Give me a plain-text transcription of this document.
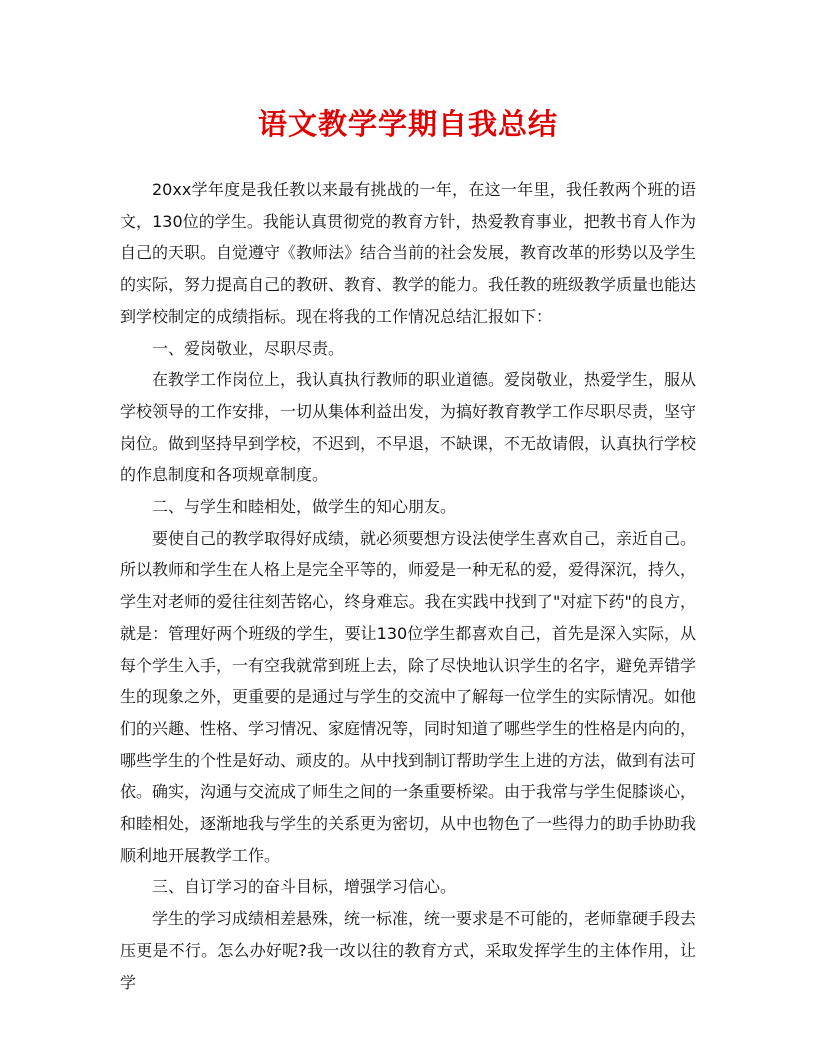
语文教学学期自我总结

20xx学年度是我任教以来最有挑战的一年，在这一年里，我任教两个班的语文，130位的学生。我能认真贯彻党的教育方针，热爱教育事业，把教书育人作为自己的天职。自觉遵守《教师法》结合当前的社会发展，教育改革的形势以及学生的实际，努力提高自己的教研、教育、教学的能力。我任教的班级教学质量也能达到学校制定的成绩指标。现在将我的工作情况总结汇报如下：

一、爱岗敬业，尽职尽责。

在教学工作岗位上，我认真执行教师的职业道德。爱岗敬业，热爱学生，服从学校领导的工作安排，一切从集体利益出发，为搞好教育教学工作尽职尽责，坚守岗位。做到坚持早到学校，不迟到，不早退，不缺课，不无故请假，认真执行学校的作息制度和各项规章制度。

二、与学生和睦相处，做学生的知心朋友。

要使自己的教学取得好成绩，就必须要想方设法使学生喜欢自己，亲近自己。所以教师和学生在人格上是完全平等的，师爱是一种无私的爱，爱得深沉，持久，学生对老师的爱往往刻苦铭心，终身难忘。我在实践中找到了"对症下药"的良方，就是：管理好两个班级的学生，要让130位学生都喜欢自己，首先是深入实际，从每个学生入手，一有空我就常到班上去，除了尽快地认识学生的名字，避免弄错学生的现象之外，更重要的是通过与学生的交流中了解每一位学生的实际情况。如他们的兴趣、性格、学习情况、家庭情况等，同时知道了哪些学生的性格是内向的，哪些学生的个性是好动、顽皮的。从中找到制订帮助学生上进的方法，做到有法可依。确实，沟通与交流成了师生之间的一条重要桥梁。由于我常与学生促膝谈心，和睦相处，逐渐地我与学生的关系更为密切，从中也物色了一些得力的助手协助我顺利地开展教学工作。

三、自订学习的奋斗目标，增强学习信心。

学生的学习成绩相差悬殊，统一标准，统一要求是不可能的，老师靠硬手段去压更是不行。怎么办好呢?我一改以往的教育方式，采取发挥学生的主体作用，让学
